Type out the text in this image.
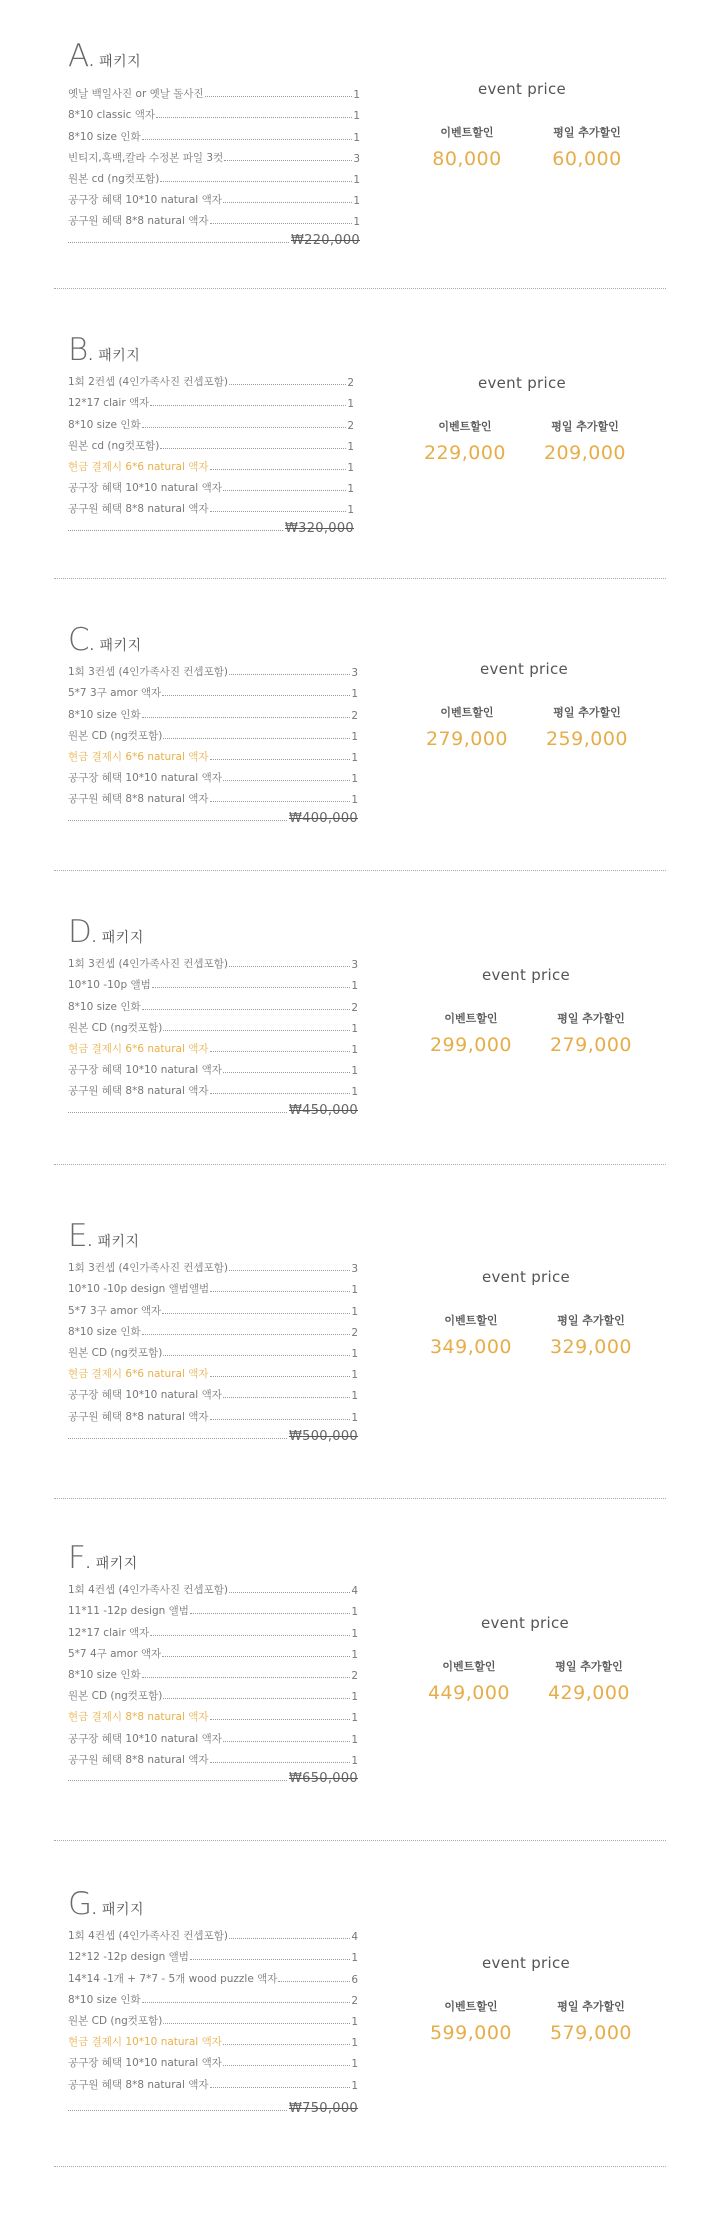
A. 패키지
옛날 백일사진 or 옛날 돌사진	1
8*10 classic 액자	1
8*10 size 인화	1
빈티지,흑백,칼라 수정본 파일 3컷	3
원본 cd (ng컷포함)	1
공구장 혜택 10*10 natural 액자	1
공구원 혜택 8*8 natural 액자	1
₩220,000
event price
이벤트할인	평일 추가할인
80,000	60,000
B. 패키지
1회 2컨셉 (4인가족사진 컨셉포함)	2
12*17 clair 액자	1
8*10 size 인화	2
원본 cd (ng컷포함)	1
현금 결제시 6*6 natural 액자	1
공구장 혜택 10*10 natural 액자	1
공구원 혜택 8*8 natural 액자	1
₩320,000
event price
이벤트할인	평일 추가할인
229,000	209,000
C. 패키지
1회 3컨셉 (4인가족사진 컨셉포함)	3
5*7 3구 amor 액자	1
8*10 size 인화	2
원본 CD (ng컷포함)	1
현금 결제시 6*6 natural 액자	1
공구장 혜택 10*10 natural 액자	1
공구원 혜택 8*8 natural 액자	1
₩400,000
event price
이벤트할인	평일 추가할인
279,000	259,000
D. 패키지
1회 3컨셉 (4인가족사진 컨셉포함)	3
10*10 -10p 앨범	1
8*10 size 인화	2
원본 CD (ng컷포함)	1
현금 결제시 6*6 natural 액자	1
공구장 혜택 10*10 natural 액자	1
공구원 혜택 8*8 natural 액자	1
₩450,000
event price
이벤트할인	평일 추가할인
299,000	279,000
E. 패키지
1회 3컨셉 (4인가족사진 컨셉포함)	3
10*10 -10p design 앨범앨범	1
5*7 3구 amor 액자	1
8*10 size 인화	2
원본 CD (ng컷포함)	1
현금 결제시 6*6 natural 액자	1
공구장 혜택 10*10 natural 액자	1
공구원 혜택 8*8 natural 액자	1
₩500,000
event price
이벤트할인	평일 추가할인
349,000	329,000
F. 패키지
1회 4컨셉 (4인가족사진 컨셉포함)	4
11*11 -12p design 앨범	1
12*17 clair 액자	1
5*7 4구 amor 액자	1
8*10 size 인화	2
원본 CD (ng컷포함)	1
현금 결제시 8*8 natural 액자	1
공구장 혜택 10*10 natural 액자	1
공구원 혜택 8*8 natural 액자	1
₩650,000
event price
이벤트할인	평일 추가할인
449,000	429,000
G. 패키지
1회 4컨셉 (4인가족사진 컨셉포함)	4
12*12 -12p design 앨범	1
14*14 -1개 + 7*7 - 5개 wood puzzle 액자	6
8*10 size 인화	2
원본 CD (ng컷포함)	1
현금 결제시 10*10 natural 액자	1
공구장 혜택 10*10 natural 액자	1
공구원 혜택 8*8 natural 액자	1
₩750,000
event price
이벤트할인	평일 추가할인
599,000	579,000
